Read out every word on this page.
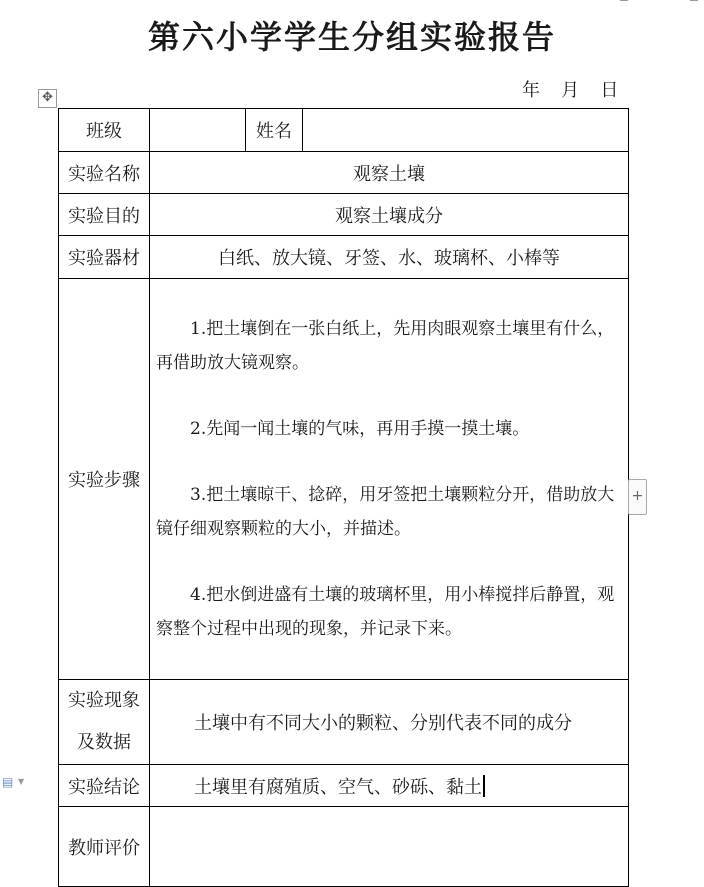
第六小学学生分组实验报告
年   月   日
✥
班级		姓名	
实验名称	观察土壤		
实验目的	观察土壤成分		
实验器材	白纸、放大镜、牙签、水、玻璃杯、小棒等		
实验步骤	1.把土壤倒在一张白纸上，先用肉眼观察土壤里有什么，再借助放大镜观察。

2.先闻一闻土壤的气味，再用手摸一摸土壤。

3.把土壤晾干、捻碎，用牙签把土壤颗粒分开，借助放大镜仔细观察颗粒的大小，并描述。

4.把水倒进盛有土壤的玻璃杯里，用小棒搅拌后静置，观察整个过程中出现的现象，并记录下来。		

实验现象
及数据	土壤中有不同大小的颗粒、分别代表不同的成分		
实验结论	土壤里有腐殖质、空气、砂砾、黏土		
教师评价			
+
▤ ▼
